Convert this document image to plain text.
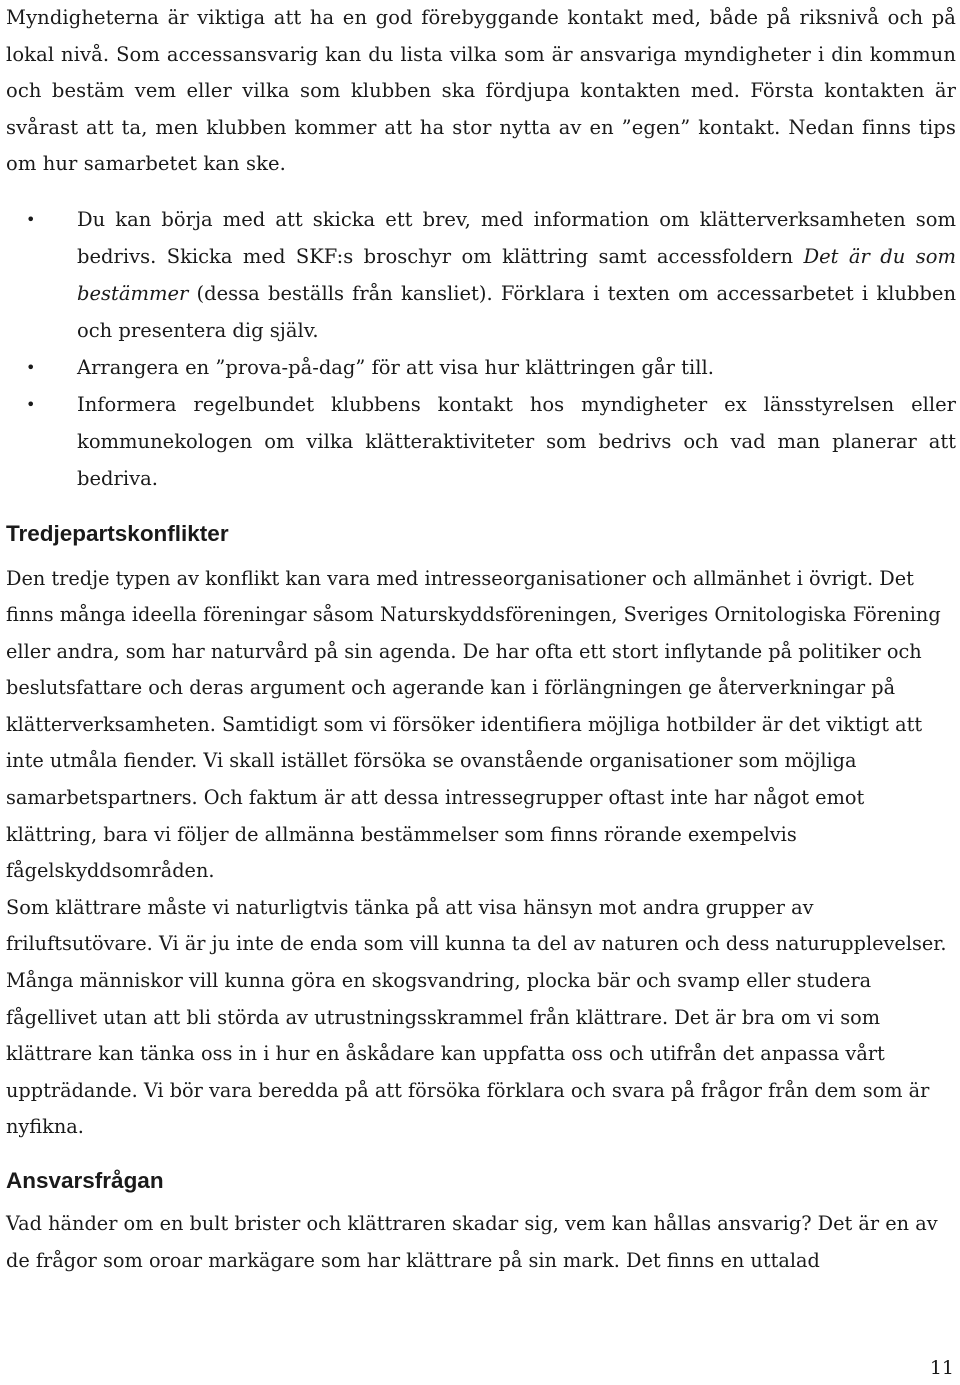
Myndigheterna är viktiga att ha en god förebyggande kontakt med, både på riksnivå och på lokal nivå. Som accessansvarig kan du lista vilka som är ansvariga myndigheter i din kommun och bestäm vem eller vilka som klubben ska fördjupa kontakten med. Första kontakten är svårast att ta, men klubben kommer att ha stor nytta av en ”egen” kontakt. Nedan finns tips om hur samarbetet kan ske.

• Du kan börja med att skicka ett brev, med information om klätterverksamheten som bedrivs. Skicka med SKF:s broschyr om klättring samt accessfoldern Det är du som bestämmer (dessa beställs från kansliet). Förklara i texten om accessarbetet i klubben och presentera dig själv.
• Arrangera en ”prova-på-dag” för att visa hur klättringen går till.
• Informera regelbundet klubbens kontakt hos myndigheter ex länsstyrelsen eller kommunekologen om vilka klätteraktiviteter som bedrivs och vad man planerar att bedriva.
Tredjepartskonflikter

Den tredje typen av konflikt kan vara med intresseorganisationer och allmänhet i övrigt. Det finns många ideella föreningar såsom Naturskyddsföreningen, Sveriges Ornitologiska Förening eller andra, som har naturvård på sin agenda. De har ofta ett stort inflytande på politiker och beslutsfattare och deras argument och agerande kan i förlängningen ge återverkningar på klätterverksamheten. Samtidigt som vi försöker identifiera möjliga hotbilder är det viktigt att inte utmåla fiender. Vi skall istället försöka se ovanstående organisationer som möjliga samarbetspartners. Och faktum är att dessa intressegrupper oftast inte har något emot klättring, bara vi följer de allmänna bestämmelser som finns rörande exempelvis fågelskyddsområden.

Som klättrare måste vi naturligtvis tänka på att visa hänsyn mot andra grupper av friluftsutövare. Vi är ju inte de enda som vill kunna ta del av naturen och dess naturupplevelser. Många människor vill kunna göra en skogsvandring, plocka bär och svamp eller studera fågellivet utan att bli störda av utrustningsskrammel från klättrare. Det är bra om vi som klättrare kan tänka oss in i hur en åskådare kan uppfatta oss och utifrån det anpassa vårt uppträdande. Vi bör vara beredda på att försöka förklara och svara på frågor från dem som är nyfikna.

Ansvarsfrågan

Vad händer om en bult brister och klättraren skadar sig, vem kan hållas ansvarig? Det är en av de frågor som oroar markägare som har klättrare på sin mark. Det finns en uttalad

11
